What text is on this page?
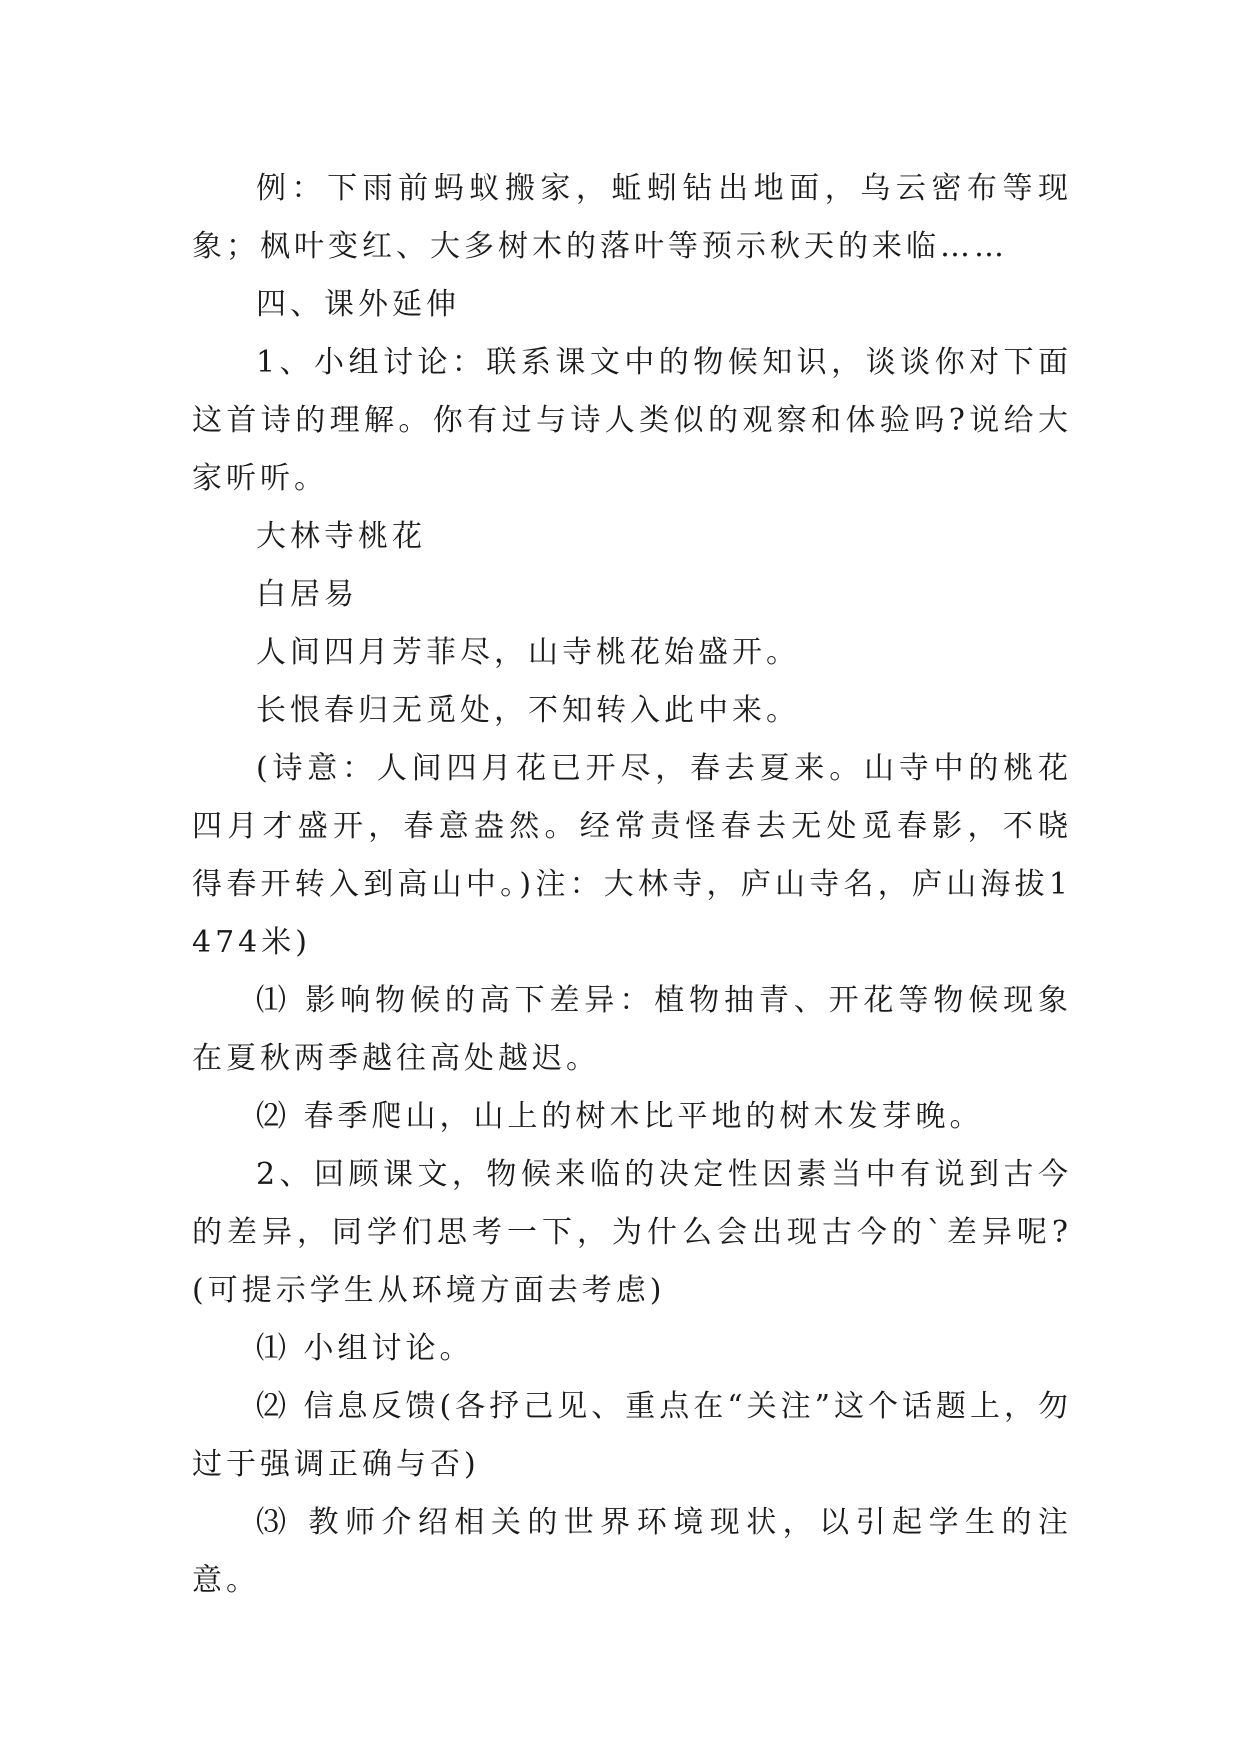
例：下雨前蚂蚁搬家，蚯蚓钻出地面，乌云密布等现象；枫叶变红、大多树木的落叶等预示秋天的来临……

四、课外延伸

1、小组讨论：联系课文中的物候知识，谈谈你对下面这首诗的理解。你有过与诗人类似的观察和体验吗?说给大家听听。

大林寺桃花

白居易

人间四月芳菲尽，山寺桃花始盛开。

长恨春归无觅处，不知转入此中来。

(诗意：人间四月花已开尽，春去夏来。山寺中的桃花四月才盛开，春意盎然。经常责怪春去无处觅春影，不晓得春开转入到高山中。)注：大林寺，庐山寺名，庐山海拔1474米)

⑴ 影响物候的高下差异：植物抽青、开花等物候现象在夏秋两季越往高处越迟。

⑵ 春季爬山，山上的树木比平地的树木发芽晚。

2、回顾课文，物候来临的决定性因素当中有说到古今的差异，同学们思考一下，为什么会出现古今的`差异呢?(可提示学生从环境方面去考虑)

⑴ 小组讨论。

⑵ 信息反馈(各抒己见、重点在“关注”这个话题上，勿过于强调正确与否)

⑶ 教师介绍相关的世界环境现状，以引起学生的注意。
